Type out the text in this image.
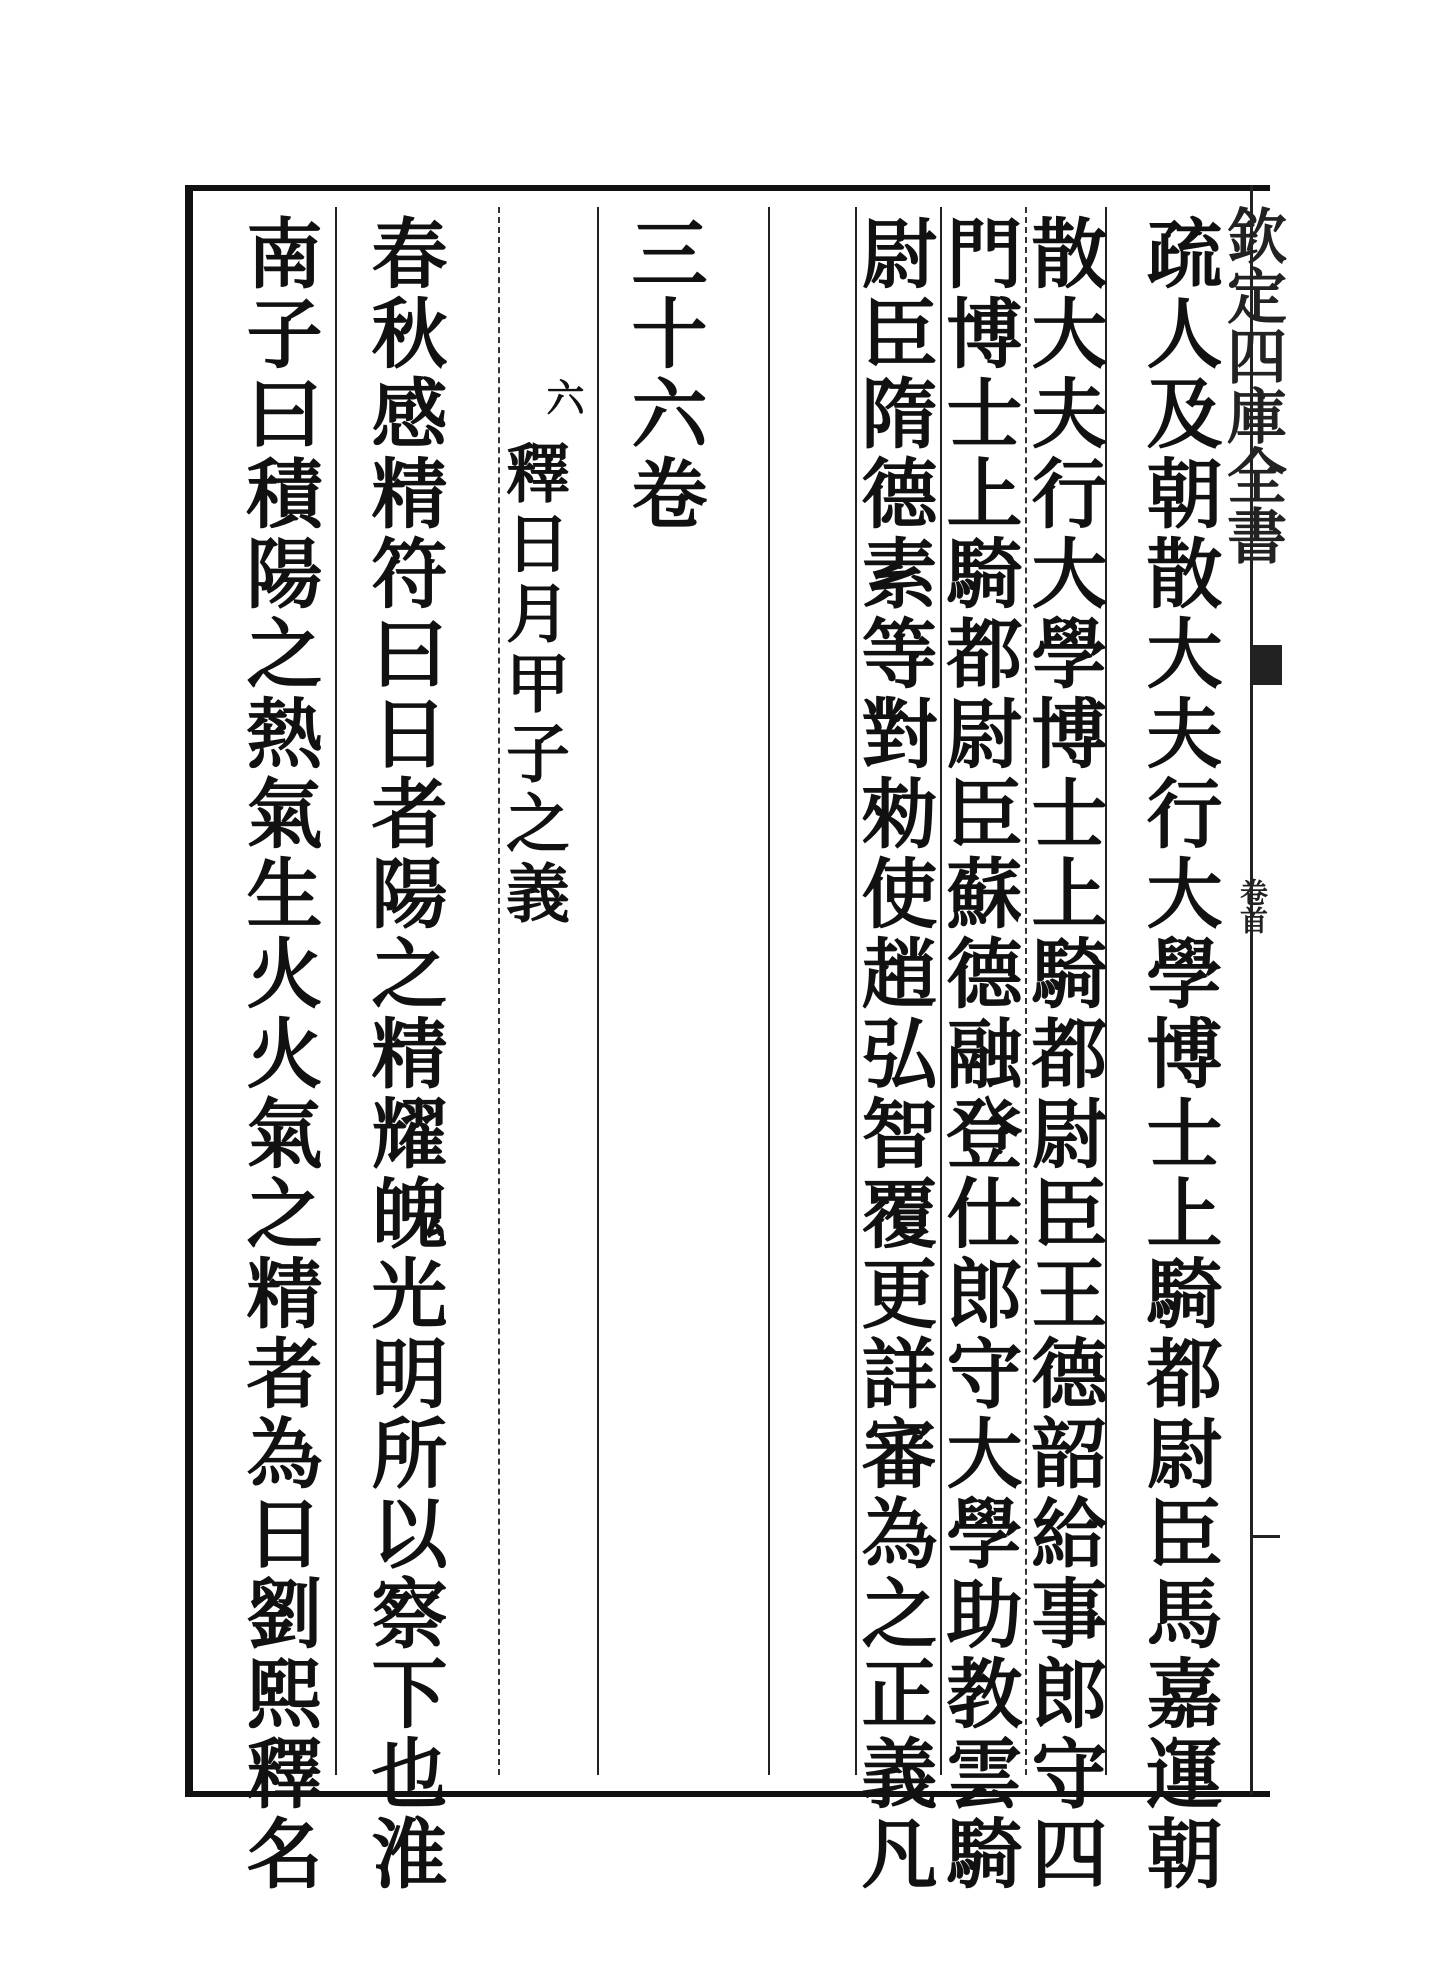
疏人及朝散大夫行大學博士上騎都尉臣馬嘉運朝
散大夫行大學博士上騎都尉臣王德韶給事郎守四
門博士上騎都尉臣蘇德融登仕郎守大學助教雲騎
尉臣隋德素等對勑使趙弘智覆更詳審為之正義凡
三十六卷
六
釋日月甲子之義
春秋感精符曰日者陽之精耀魄光明所以察下也淮
南子曰積陽之熱氣生火火氣之精者為日劉熙釋名	欽定四庫全書
卷首
